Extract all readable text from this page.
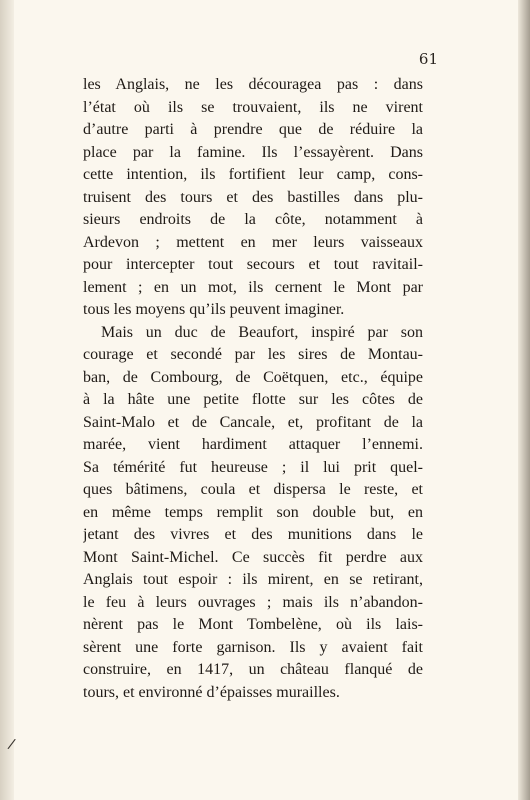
61

les Anglais, ne les découragea pas : dans
l’état où ils se trouvaient, ils ne virent
d’autre parti à prendre que de réduire la
place par la famine. Ils l’essayèrent. Dans
cette intention, ils fortifient leur camp, cons-
truisent des tours et des bastilles dans plu-
sieurs endroits de la côte, notamment à
Ardevon ; mettent en mer leurs vaisseaux
pour intercepter tout secours et tout ravitail-
lement ; en un mot, ils cernent le Mont par
tous les moyens qu’ils peuvent imaginer.

Mais un duc de Beaufort, inspiré par son
courage et secondé par les sires de Montau-
ban, de Combourg, de Coëtquen, etc., équipe
à la hâte une petite flotte sur les côtes de
Saint-Malo et de Cancale, et, profitant de la
marée, vient hardiment attaquer l’ennemi.
Sa témérité fut heureuse ; il lui prit quel-
ques bâtimens, coula et dispersa le reste, et
en même temps remplit son double but, en
jetant des vivres et des munitions dans le
Mont Saint-Michel. Ce succès fit perdre aux
Anglais tout espoir : ils mirent, en se retirant,
le feu à leurs ouvrages ; mais ils n’abandon-
nèrent pas le Mont Tombelène, où ils lais-
sèrent une forte garnison. Ils y avaient fait
construire, en 1417, un château flanqué de
tours, et environné d’épaisses murailles.

/
